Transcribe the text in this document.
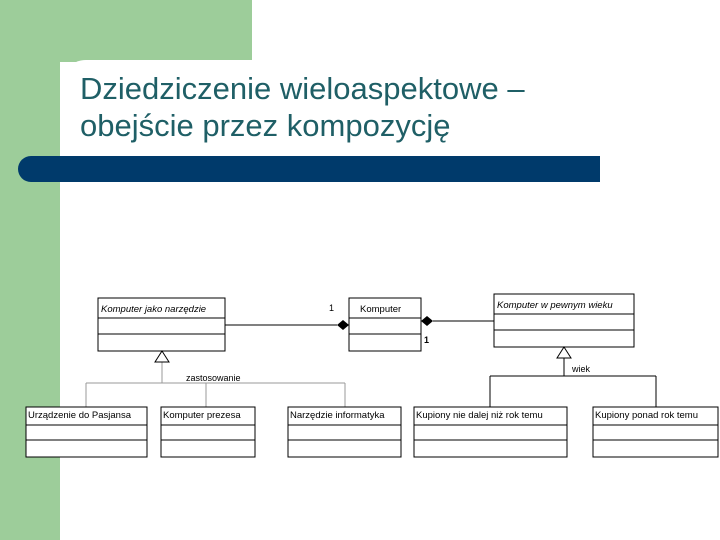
Dziedziczenie wieloaspektowe –
obejście przez kompozycję
Komputer jako narzędzie	Komputer	Komputer w pewnym wieku
1
1
zastosowanie
wiek
Urządzenie do Pasjansa	Komputer prezesa	Narzędzie informatyka	Kupiony nie dalej niż rok temu	Kupiony ponad rok temu
